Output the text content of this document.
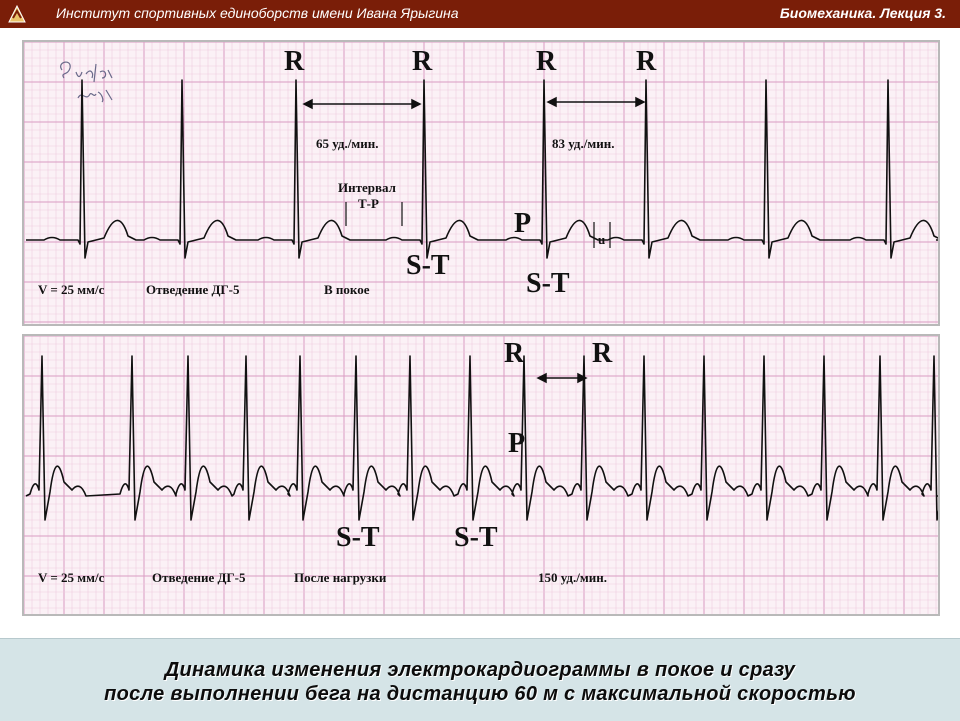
Институт спортивных единоборств имени Ивана Ярыгина	Биомеханика. Лекция 3.
R	R	R	R
65 уд./мин.	83 уд./мин.
Интервал
Т-Р
P
u
S-T
S-T
V = 25 мм/с	Отведение ДГ-5	В покое
R R
P
S-T	S-T
V = 25 мм/с	Отведение ДГ-5	После нагрузки	150 уд./мин.
Динамика изменения электрокардиограммы в покое и сразу
после выполнении бега на дистанцию 60 м с максимальной скоростью
